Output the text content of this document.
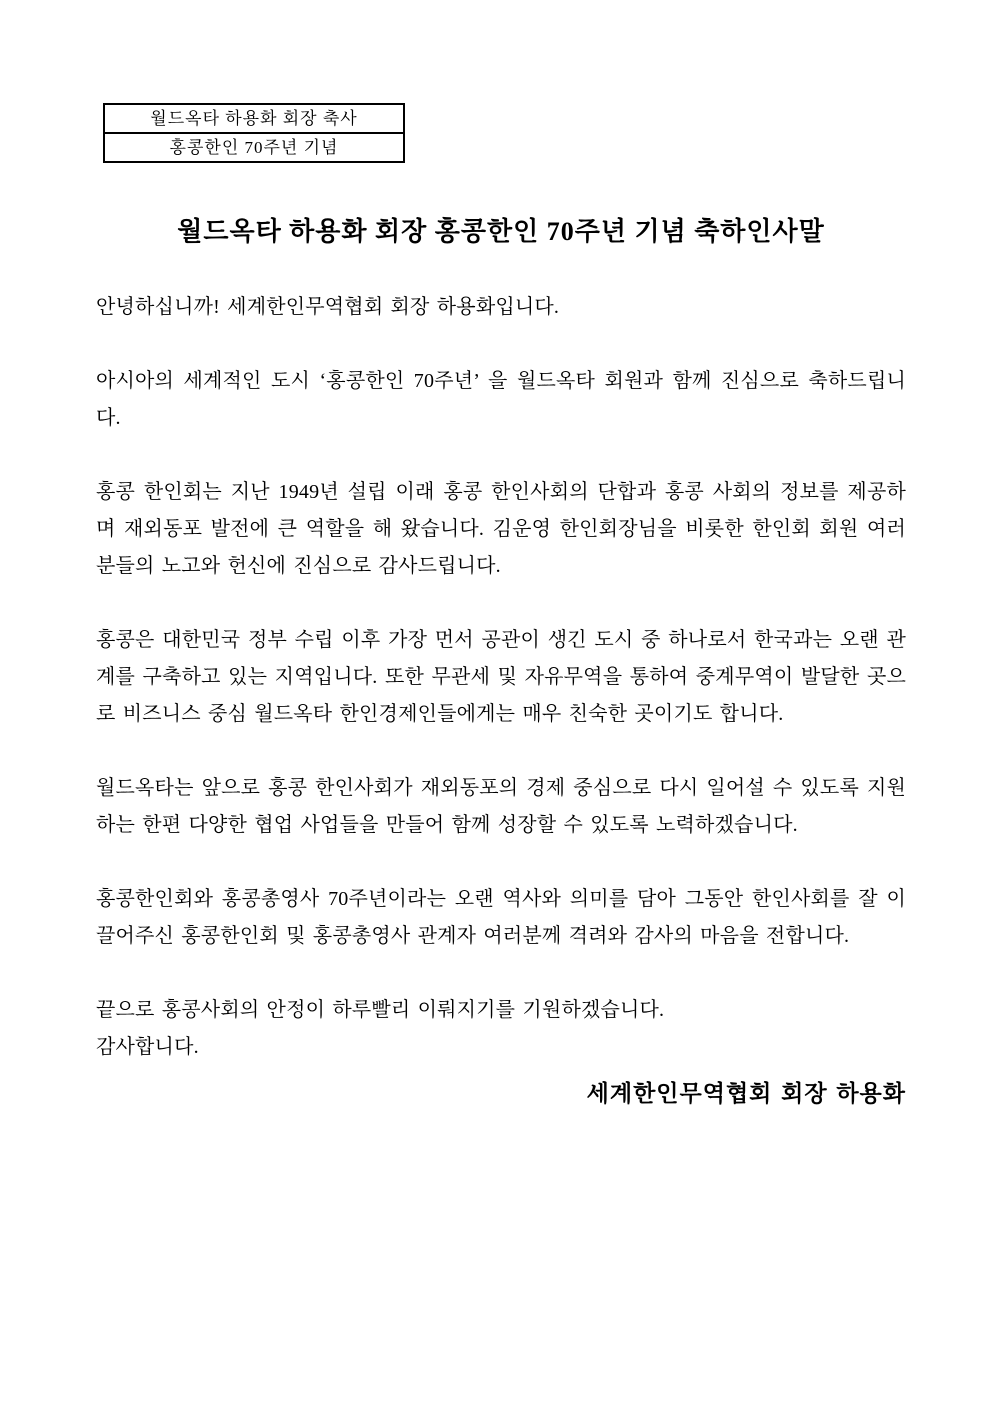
월드옥타 하용화 회장 축사
홍콩한인 70주년 기념
월드옥타 하용화 회장 홍콩한인 70주년 기념 축하인사말

안녕하십니까! 세계한인무역협회 회장 하용화입니다.

아시아의 세계적인 도시 ‘홍콩한인 70주년’ 을 월드옥타 회원과 함께 진심으로 축하드립니다.

홍콩 한인회는 지난 1949년 설립 이래 홍콩 한인사회의 단합과 홍콩 사회의 정보를 제공하며 재외동포 발전에 큰 역할을 해 왔습니다. 김운영 한인회장님을 비롯한 한인회 회원 여러분들의 노고와 헌신에 진심으로 감사드립니다.

홍콩은 대한민국 정부 수립 이후 가장 먼서 공관이 생긴 도시 중 하나로서 한국과는 오랜 관계를 구축하고 있는 지역입니다. 또한 무관세 및 자유무역을 통하여 중계무역이 발달한 곳으로 비즈니스 중심 월드옥타 한인경제인들에게는 매우 친숙한 곳이기도 합니다.

월드옥타는 앞으로 홍콩 한인사회가 재외동포의 경제 중심으로 다시 일어설 수 있도록 지원하는 한편 다양한 협업 사업들을 만들어 함께 성장할 수 있도록 노력하겠습니다.

홍콩한인회와 홍콩총영사 70주년이라는 오랜 역사와 의미를 담아 그동안 한인사회를 잘 이끌어주신 홍콩한인회 및 홍콩총영사 관계자 여러분께 격려와 감사의 마음을 전합니다.

끝으로 홍콩사회의 안정이 하루빨리 이뤄지기를 기원하겠습니다.
감사합니다.
세계한인무역협회 회장 하용화
